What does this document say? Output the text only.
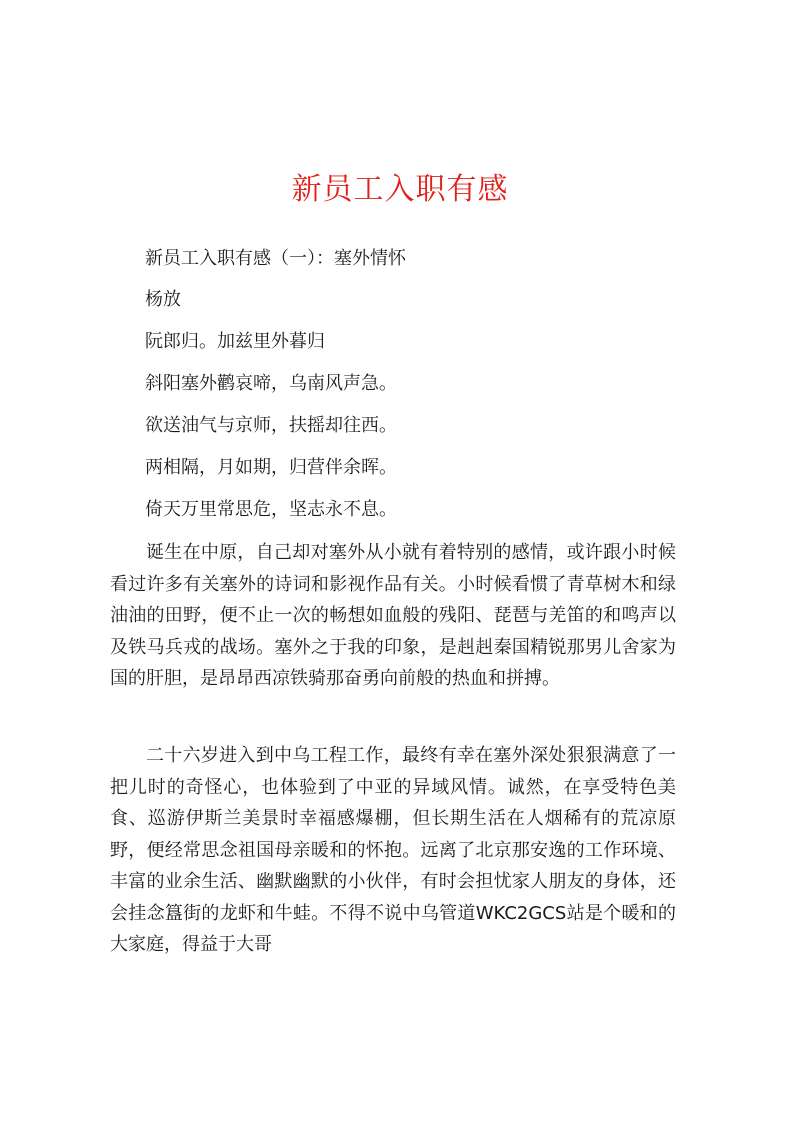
新员工入职有感
新员工入职有感（一）：塞外情怀
杨放
阮郎归。加兹里外暮归
斜阳塞外鹳哀啼，乌南风声急。
欲送油气与京师，扶摇却往西。
两相隔，月如期，归营伴余晖。
倚天万里常思危，坚志永不息。

诞生在中原，自己却对塞外从小就有着特别的感情，或许跟小时候看过许多有关塞外的诗词和影视作品有关。小时候看惯了青草树木和绿油油的田野，便不止一次的畅想如血般的残阳、琵琶与羌笛的和鸣声以及铁马兵戎的战场。塞外之于我的印象，是赳赳秦国精锐那男儿舍家为国的肝胆，是昂昂西凉铁骑那奋勇向前般的热血和拼搏。

二十六岁进入到中乌工程工作，最终有幸在塞外深处狠狠满意了一把儿时的奇怪心，也体验到了中亚的异域风情。诚然，在享受特色美食、巡游伊斯兰美景时幸福感爆棚，但长期生活在人烟稀有的荒凉原野，便经常思念祖国母亲暖和的怀抱。远离了北京那安逸的工作环境、丰富的业余生活、幽默幽默的小伙伴，有时会担忧家人朋友的身体，还会挂念簋街的龙虾和牛蛙。不得不说中乌管道WKC2GCS站是个暖和的大家庭，得益于大哥
